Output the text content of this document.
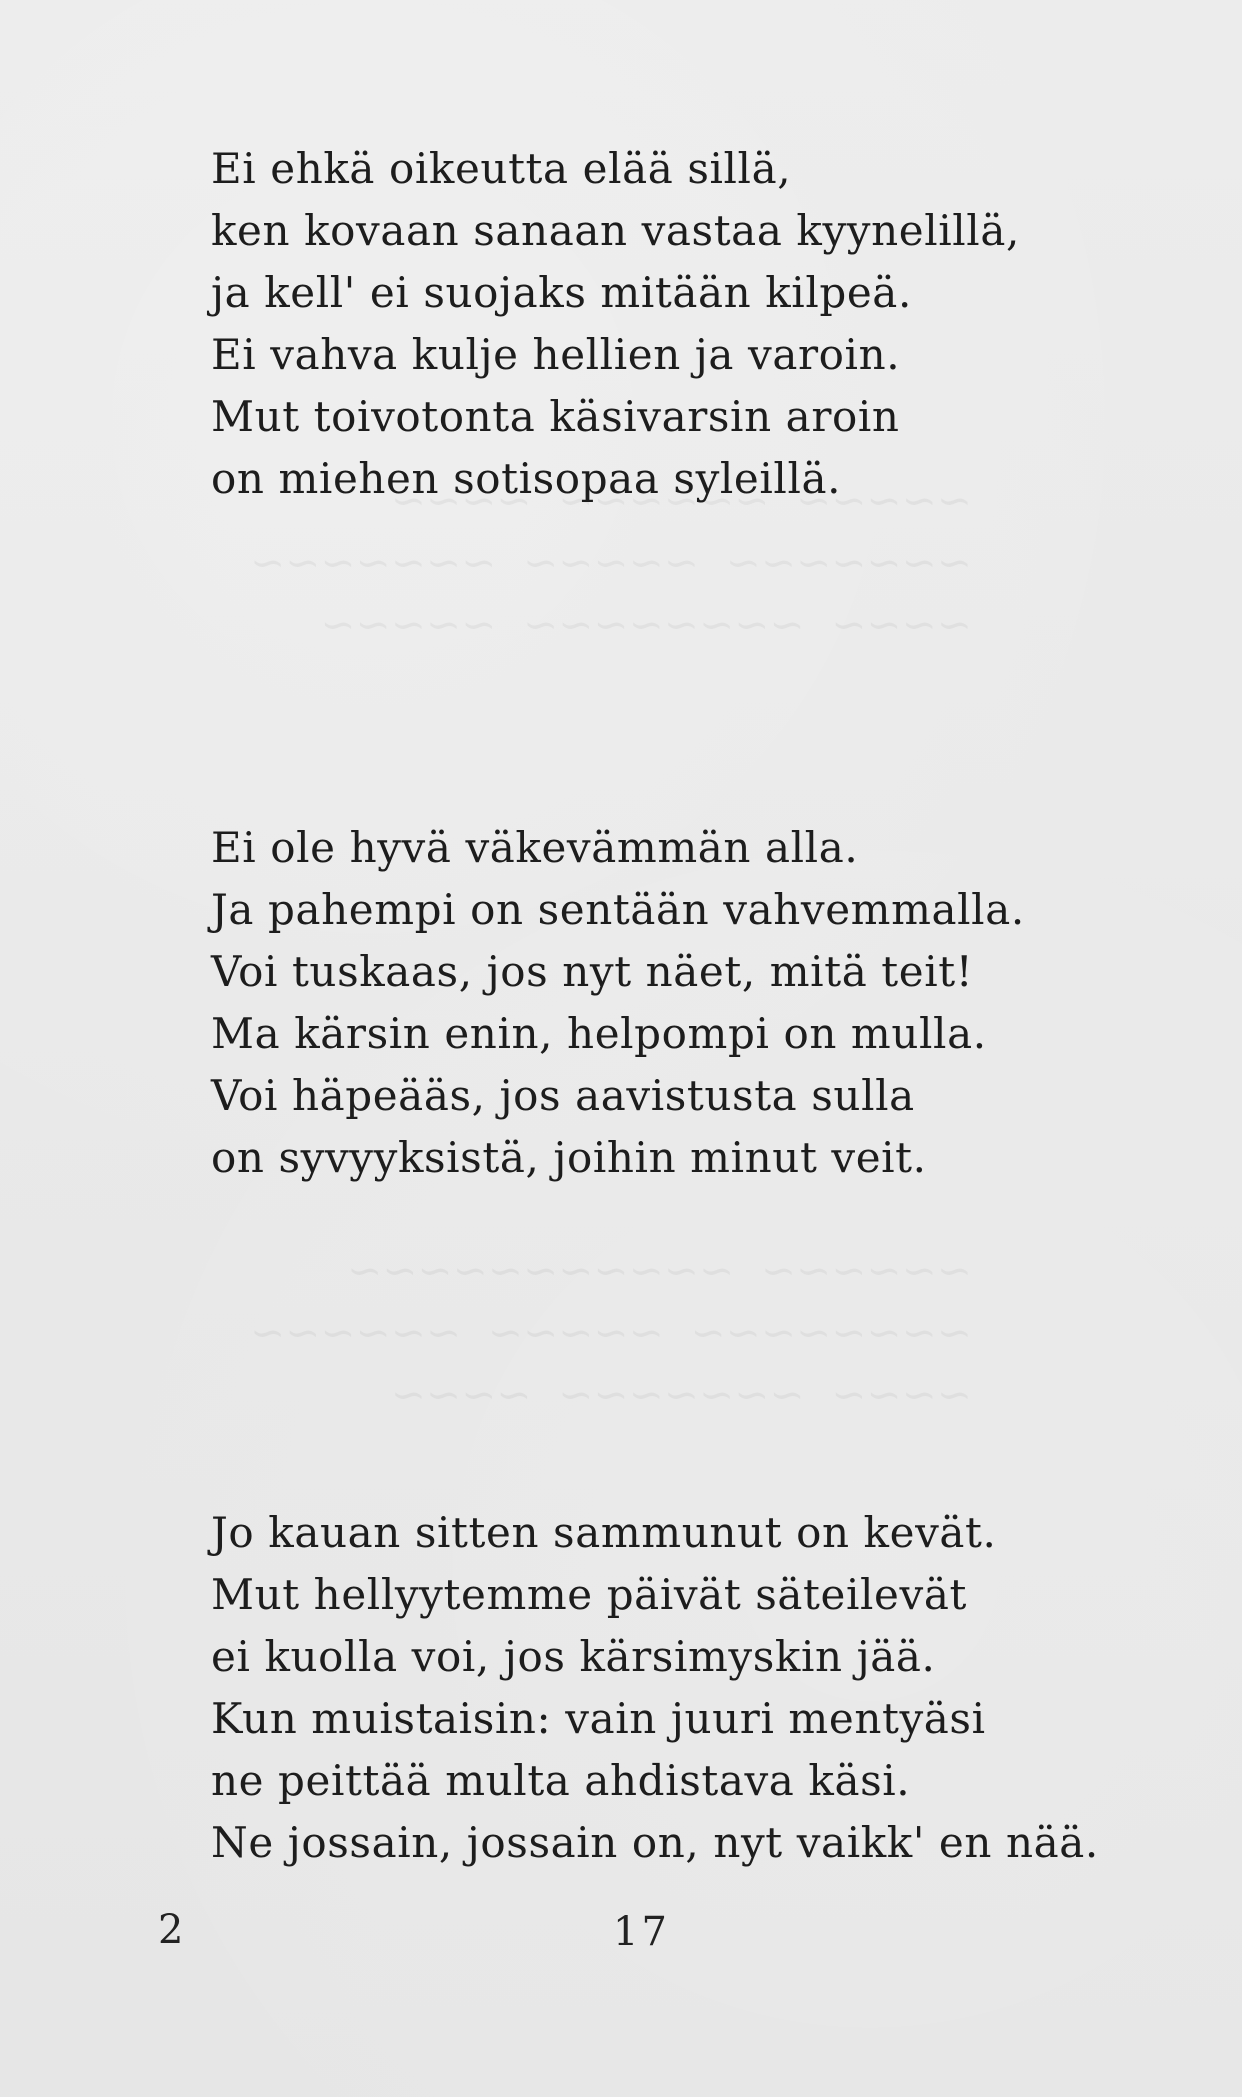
Ei ehkä oikeutta elää sillä,
ken kovaan sanaan vastaa kyynelillä,
ja kell' ei suojaks mitään kilpeä.
Ei vahva kulje hellien ja varoin.
Mut toivotonta käsivarsin aroin
on miehen sotisopaa syleillä.
Ei ole hyvä väkevämmän alla.
Ja pahempi on sentään vahvemmalla.
Voi tuskaas, jos nyt näet, mitä teit!
Ma kärsin enin, helpompi on mulla.
Voi häpeääs, jos aavistusta sulla
on syvyyksistä, joihin minut veit.
Jo kauan sitten sammunut on kevät.
Mut hellyytemme päivät säteilevät
ei kuolla voi, jos kärsimyskin jää.
Kun muistaisin: vain juuri mentyäsi
ne peittää multa ahdistava käsi.
Ne jossain, jossain on, nyt vaikk' en nää.
2	17
